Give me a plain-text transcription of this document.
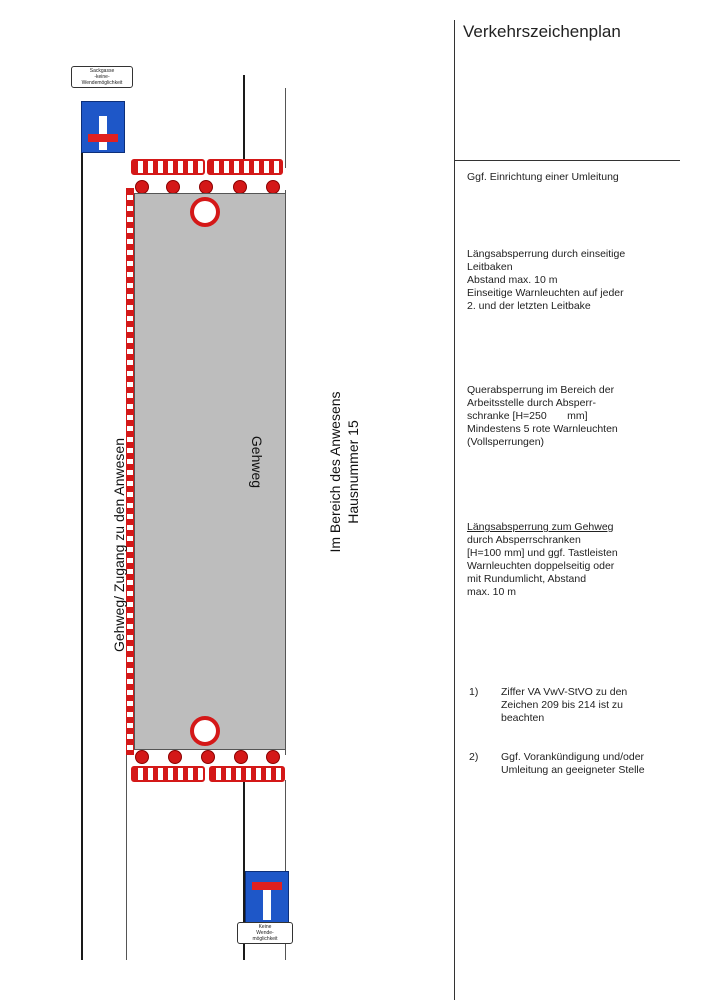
Sackgasse
-keine-
Wendemöglichkeit
Gehweg
Gehweg/ Zugang zu den Anwesen	Im Bereich des Anwesens Hausnummer 15
Keine
Wende-
möglichkeit
Verkehrszeichenplan
Ggf. Einrichtung einer Umleitung
Längsabsperrung durch einseitige
Leitbaken
Abstand max. 10 m
Einseitige Warnleuchten auf jeder
2. und der letzten Leitbake
Querabsperrung im Bereich der
Arbeitsstelle durch Absperr-
schranke [H=250       mm]
Mindestens 5 rote Warnleuchten
(Vollsperrungen)
Längsabsperrung zum Gehweg
durch Absperrschranken
[H=100 mm] und ggf. Tastleisten
Warnleuchten doppelseitig oder
mit Rundumlicht, Abstand
max. 10 m
1) Ziffer VA VwV-StVO zu den
Zeichen 209 bis 214 ist zu
beachten
2) Ggf. Vorankündigung und/oder
Umleitung an geeigneter Stelle
